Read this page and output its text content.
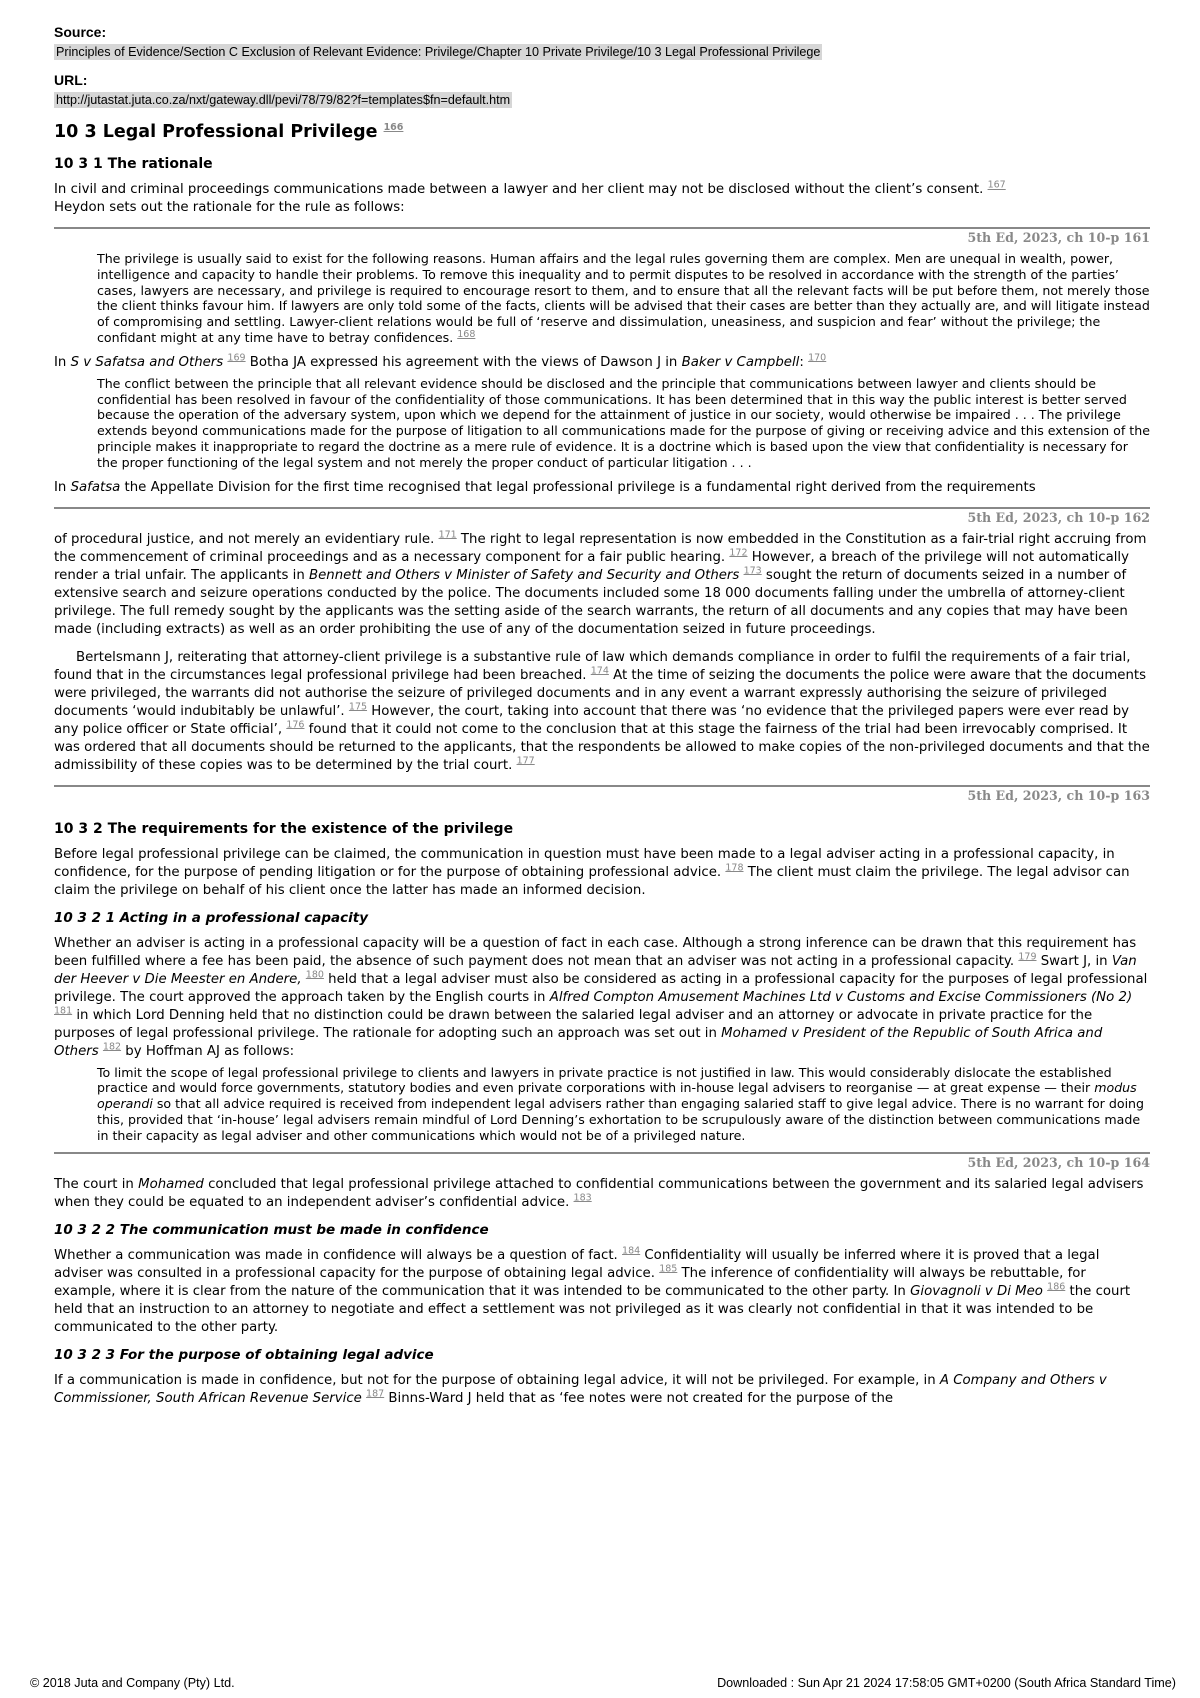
Source:
Principles of Evidence/Section C Exclusion of Relevant Evidence: Privilege/Chapter 10 Private Privilege/10 3 Legal Professional Privilege
URL:
http://jutastat.juta.co.za/nxt/gateway.dll/pevi/78/79/82?f=templates$fn=default.htm
10 3 Legal Professional Privilege $^{166}$
10 3 1 The rationale

In civil and criminal proceedings communications made between a lawyer and her client may not be disclosed without the client’s consent. $^{167}$
Heydon sets out the rationale for the rule as follows:

5th Ed, 2023, ch 10-p 161
The privilege is usually said to exist for the following reasons. Human affairs and the legal rules governing them are complex. Men are unequal in wealth, power, intelligence and capacity to handle their problems. To remove this inequality and to permit disputes to be resolved in accordance with the strength of the parties’ cases, lawyers are necessary, and privilege is required to encourage resort to them, and to ensure that all the relevant facts will be put before them, not merely those the client thinks favour him. If lawyers are only told some of the facts, clients will be advised that their cases are better than they actually are, and will litigate instead of compromising and settling. Lawyer-client relations would be full of ‘reserve and dissimulation, uneasiness, and suspicion and fear’ without the privilege; the confidant might at any time have to betray confidences. $^{168}$

In S v Safatsa and Others $^{169}$ Botha JA expressed his agreement with the views of Dawson J in Baker v Campbell: $^{170}$

The conflict between the principle that all relevant evidence should be disclosed and the principle that communications between lawyer and clients should be confidential has been resolved in favour of the confidentiality of those communications. It has been determined that in this way the public interest is better served because the operation of the adversary system, upon which we depend for the attainment of justice in our society, would otherwise be impaired . . . The privilege extends beyond communications made for the purpose of litigation to all communications made for the purpose of giving or receiving advice and this extension of the principle makes it inappropriate to regard the doctrine as a mere rule of evidence. It is a doctrine which is based upon the view that confidentiality is necessary for the proper functioning of the legal system and not merely the proper conduct of particular litigation . . .

In Safatsa the Appellate Division for the first time recognised that legal professional privilege is a fundamental right derived from the requirements

5th Ed, 2023, ch 10-p 162

of procedural justice, and not merely an evidentiary rule. $^{171}$ The right to legal representation is now embedded in the Constitution as a fair-trial right accruing from the commencement of criminal proceedings and as a necessary component for a fair public hearing. $^{172}$ However, a breach of the privilege will not automatically render a trial unfair. The applicants in Bennett and Others v Minister of Safety and Security and Others $^{173}$ sought the return of documents seized in a number of extensive search and seizure operations conducted by the police. The documents included some 18 000 documents falling under the umbrella of attorney-client privilege. The full remedy sought by the applicants was the setting aside of the search warrants, the return of all documents and any copies that may have been made (including extracts) as well as an order prohibiting the use of any of the documentation seized in future proceedings.

Bertelsmann J, reiterating that attorney-client privilege is a substantive rule of law which demands compliance in order to fulfil the requirements of a fair trial, found that in the circumstances legal professional privilege had been breached. $^{174}$ At the time of seizing the documents the police were aware that the documents were privileged, the warrants did not authorise the seizure of privileged documents and in any event a warrant expressly authorising the seizure of privileged documents ‘would indubitably be unlawful’. $^{175}$ However, the court, taking into account that there was ‘no evidence that the privileged papers were ever read by any police officer or State official’, $^{176}$ found that it could not come to the conclusion that at this stage the fairness of the trial had been irrevocably comprised. It was ordered that all documents should be returned to the applicants, that the respondents be allowed to make copies of the non-privileged documents and that the admissibility of these copies was to be determined by the trial court. $^{177}$

5th Ed, 2023, ch 10-p 163
10 3 2 The requirements for the existence of the privilege

Before legal professional privilege can be claimed, the communication in question must have been made to a legal adviser acting in a professional capacity, in confidence, for the purpose of pending litigation or for the purpose of obtaining professional advice. $^{178}$ The client must claim the privilege. The legal advisor can claim the privilege on behalf of his client once the latter has made an informed decision.

10 3 2 1 Acting in a professional capacity

Whether an adviser is acting in a professional capacity will be a question of fact in each case. Although a strong inference can be drawn that this requirement has been fulfilled where a fee has been paid, the absence of such payment does not mean that an adviser was not acting in a professional capacity. $^{179}$ Swart J, in Van der Heever v Die Meester en Andere, $^{180}$ held that a legal adviser must also be considered as acting in a professional capacity for the purposes of legal professional privilege. The court approved the approach taken by the English courts in Alfred Compton Amusement Machines Ltd v Customs and Excise Commissioners (No 2) $^{181}$ in which Lord Denning held that no distinction could be drawn between the salaried legal adviser and an attorney or advocate in private practice for the purposes of legal professional privilege. The rationale for adopting such an approach was set out in Mohamed v President of the Republic of South Africa and Others $^{182}$ by Hoffman AJ as follows:

To limit the scope of legal professional privilege to clients and lawyers in private practice is not justified in law. This would considerably dislocate the established practice and would force governments, statutory bodies and even private corporations with in-house legal advisers to reorganise — at great expense — their modus operandi so that all advice required is received from independent legal advisers rather than engaging salaried staff to give legal advice. There is no warrant for doing this, provided that ‘in-house’ legal advisers remain mindful of Lord Denning’s exhortation to be scrupulously aware of the distinction between communications made in their capacity as legal adviser and other communications which would not be of a privileged nature.
5th Ed, 2023, ch 10-p 164

The court in Mohamed concluded that legal professional privilege attached to confidential communications between the government and its salaried legal advisers when they could be equated to an independent adviser’s confidential advice. $^{183}$

10 3 2 2 The communication must be made in confidence

Whether a communication was made in confidence will always be a question of fact. $^{184}$ Confidentiality will usually be inferred where it is proved that a legal adviser was consulted in a professional capacity for the purpose of obtaining legal advice. $^{185}$ The inference of confidentiality will always be rebuttable, for example, where it is clear from the nature of the communication that it was intended to be communicated to the other party. In Giovagnoli v Di Meo $^{186}$ the court held that an instruction to an attorney to negotiate and effect a settlement was not privileged as it was clearly not confidential in that it was intended to be communicated to the other party.

10 3 2 3 For the purpose of obtaining legal advice

If a communication is made in confidence, but not for the purpose of obtaining legal advice, it will not be privileged. For example, in A Company and Others v Commissioner, South African Revenue Service $^{187}$ Binns-Ward J held that as ‘fee notes were not created for the purpose of the

© 2018 Juta and Company (Pty) Ltd.	Downloaded : Sun Apr 21 2024 17:58:05 GMT+0200 (South Africa Standard Time)
